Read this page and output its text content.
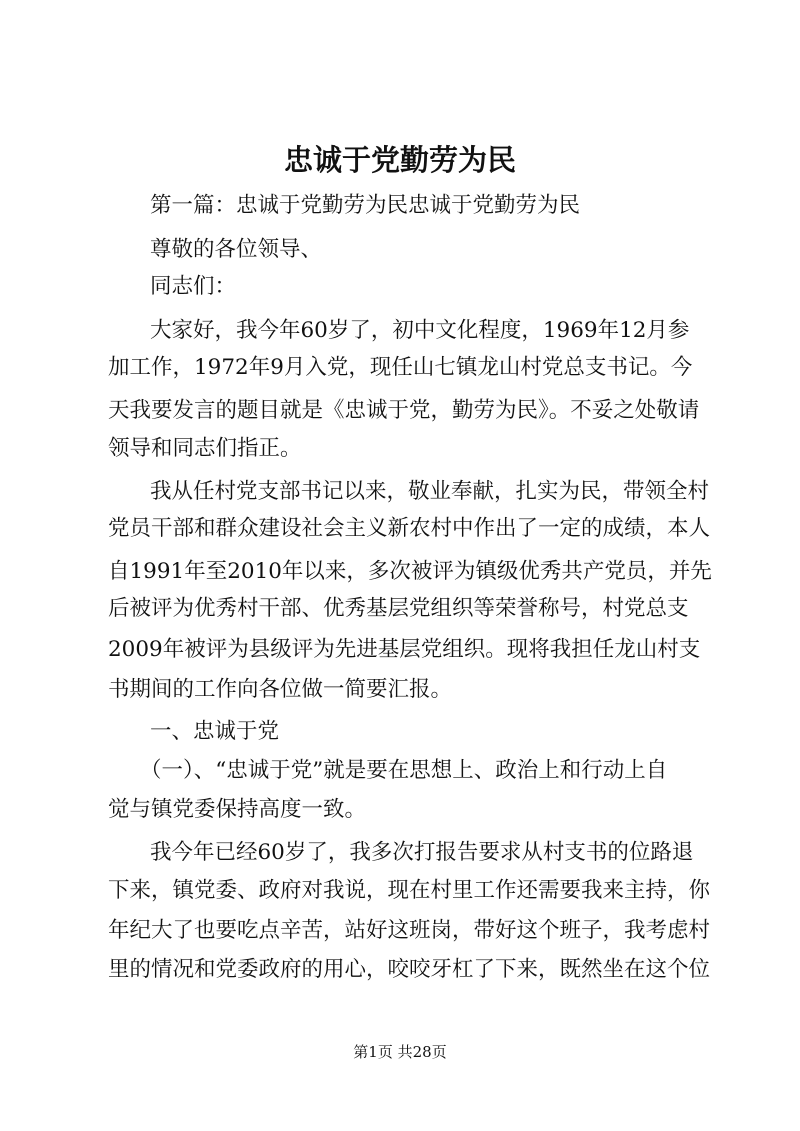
忠诚于党勤劳为民

第一篇：忠诚于党勤劳为民忠诚于党勤劳为民

尊敬的各位领导、

同志们：

大家好，我今年60岁了，初中文化程度，1969年12月参

加工作，1972年9月入党，现任山七镇龙山村党总支书记。今

天我要发言的题目就是《忠诚于党，勤劳为民》。不妥之处敬请

领导和同志们指正。

我从任村党支部书记以来，敬业奉献，扎实为民，带领全村

党员干部和群众建设社会主义新农村中作出了一定的成绩，本人

自1991年至2010年以来，多次被评为镇级优秀共产党员，并先

后被评为优秀村干部、优秀基层党组织等荣誉称号，村党总支

2009年被评为县级评为先进基层党组织。现将我担任龙山村支

书期间的工作向各位做一简要汇报。

一、忠诚于党

（一）、“忠诚于党”就是要在思想上、政治上和行动上自

觉与镇党委保持高度一致。

我今年已经60岁了，我多次打报告要求从村支书的位路退

下来，镇党委、政府对我说，现在村里工作还需要我来主持，你

年纪大了也要吃点辛苦，站好这班岗，带好这个班子，我考虑村

里的情况和党委政府的用心，咬咬牙杠了下来，既然坐在这个位

第1页 共28页
